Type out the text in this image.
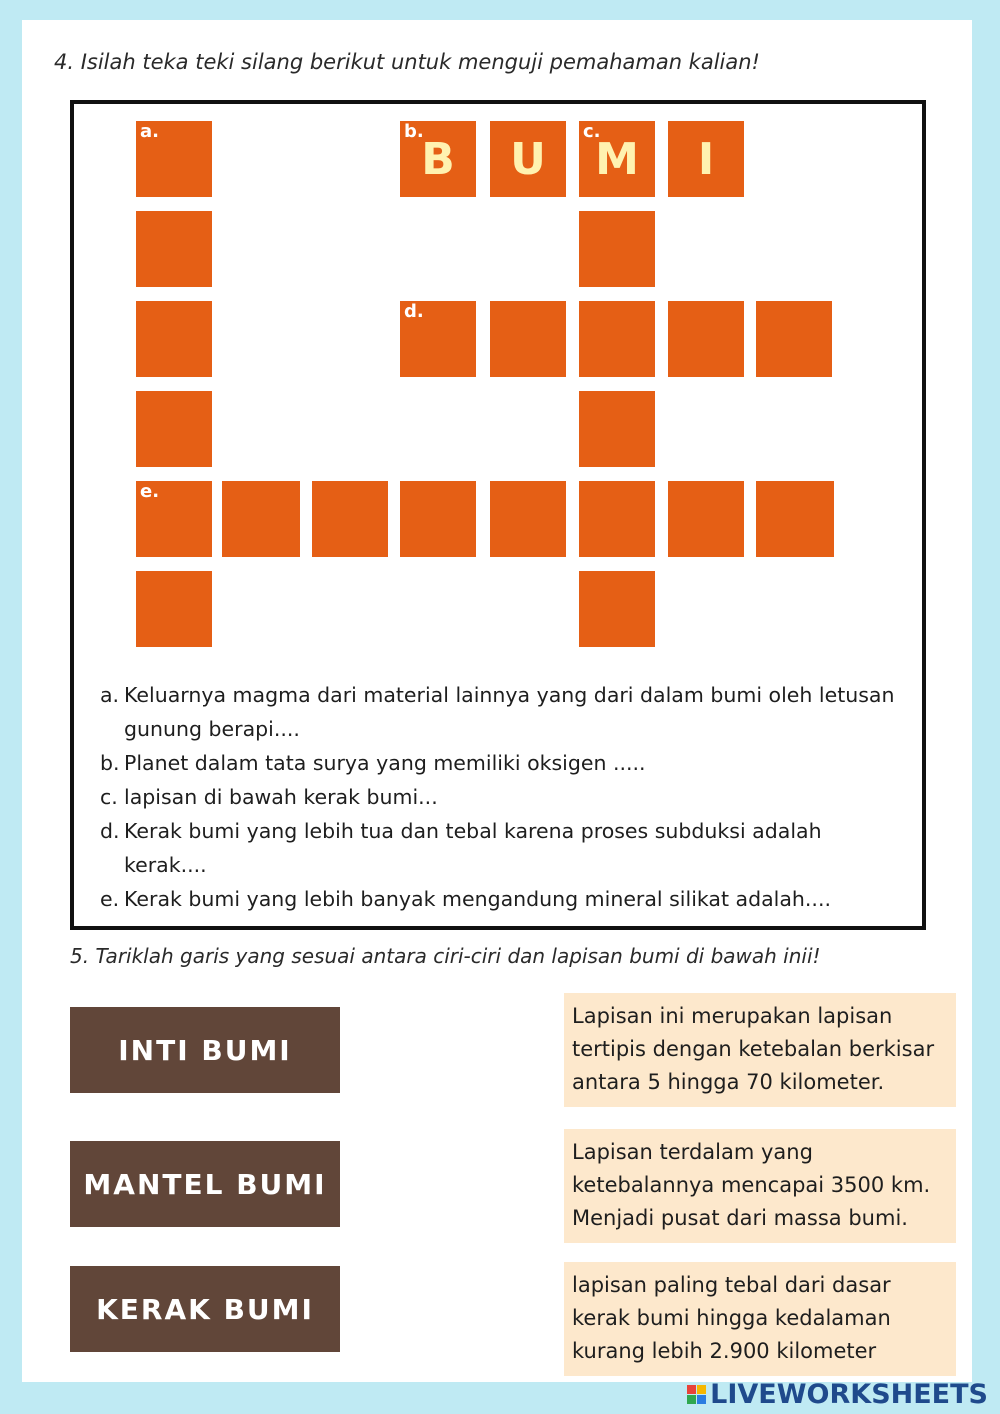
4. Isilah teka teki silang berikut untuk menguji pemahaman kalian!
a.
e.
b.
B
U	c.
M
I
d.
a. Keluarnya magma dari material lainnya yang dari dalam bumi oleh letusan gunung berapi....
b. Planet dalam tata surya yang memiliki oksigen .....
c. lapisan di bawah kerak bumi...
d. Kerak bumi yang lebih tua dan tebal karena proses subduksi adalah kerak....
e. Kerak bumi yang lebih banyak mengandung mineral silikat adalah....
5. Tariklah garis yang sesuai antara ciri-ciri dan lapisan bumi di bawah inii!
INTI BUMI
MANTEL BUMI
KERAK BUMI
Lapisan ini merupakan lapisan tertipis dengan ketebalan berkisar antara 5 hingga 70 kilometer.
Lapisan terdalam yang ketebalannya mencapai 3500 km. Menjadi pusat dari massa bumi.
lapisan paling tebal dari dasar kerak bumi hingga kedalaman kurang lebih 2.900 kilometer
LIVEWORKSHEETS
